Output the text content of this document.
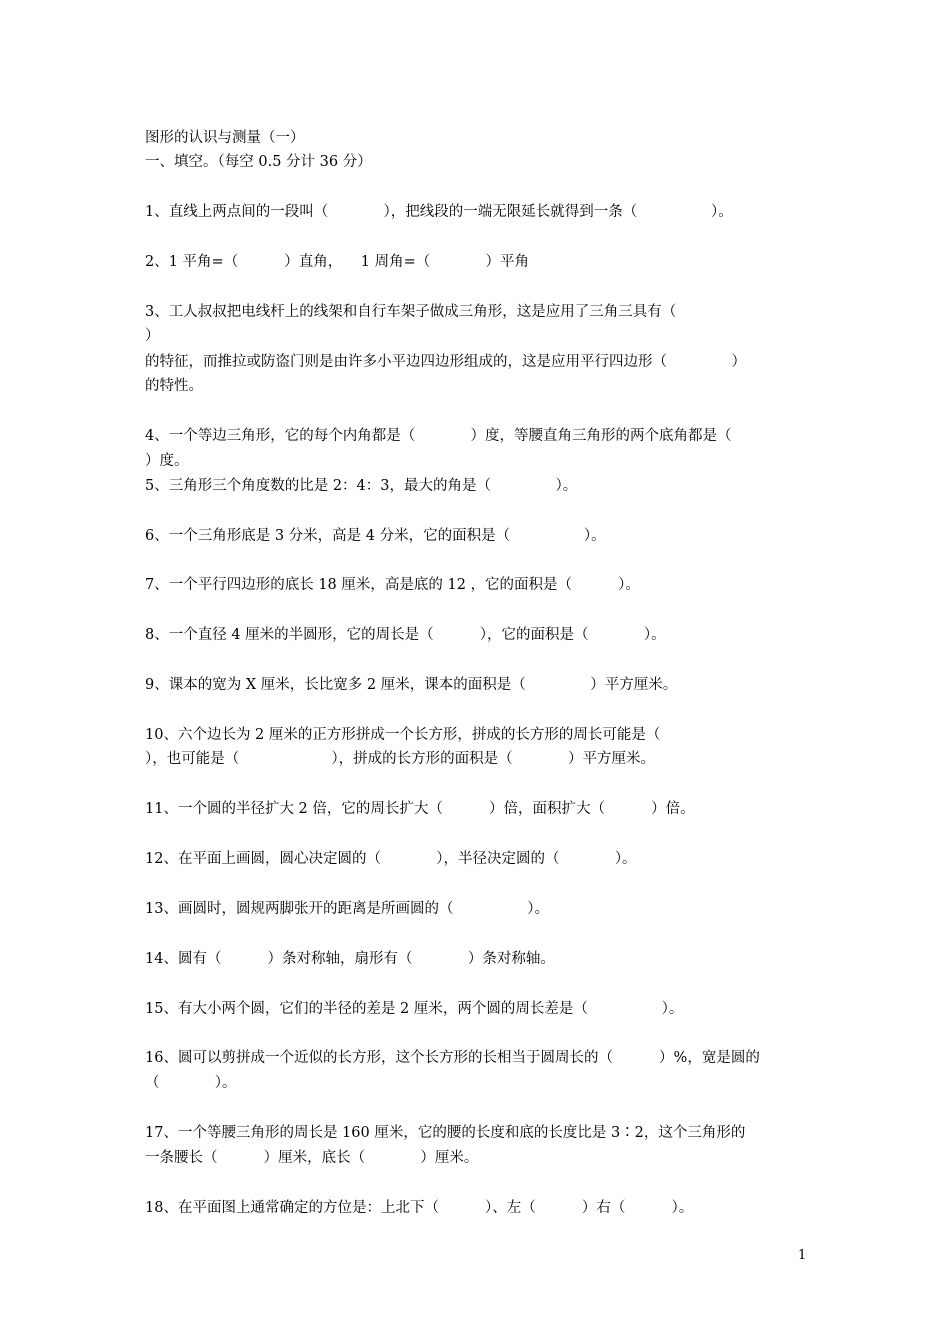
图形的认识与测量（一）
一、填空。（每空 0.5 分计 36 分）
1、直线上两点间的一段叫（            ），把线段的一端无限延长就得到一条（                ）。
2、1 平角=（          ）直角，    1 周角=（            ）平角
3、工人叔叔把电线杆上的线架和自行车架子做成三角形，这是应用了三角三具有（
）
的特征，而推拉或防盗门则是由许多小平边四边形组成的，这是应用平行四边形（              ）
的特性。
4、一个等边三角形，它的每个内角都是（            ）度，等腰直角三角形的两个底角都是（
）度。
5、三角形三个角度数的比是 2：4：3，最大的角是（              ）。
6、一个三角形底是 3 分米，高是 4 分米，它的面积是（                ）。
7、一个平行四边形的底长 18 厘米，高是底的 12 ，它的面积是（          ）。
8、一个直径 4 厘米的半圆形，它的周长是（          ），它的面积是（            ）。
9、课本的宽为 X 厘米，长比宽多 2 厘米，课本的面积是（              ）平方厘米。
10、六个边长为 2 厘米的正方形拼成一个长方形，拼成的长方形的周长可能是（
），也可能是（                    ），拼成的长方形的面积是（            ）平方厘米。
11、一个圆的半径扩大 2 倍，它的周长扩大（          ）倍，面积扩大（          ）倍。
12、在平面上画圆，圆心决定圆的（            ），半径决定圆的（            ）。
13、画圆时，圆规两脚张开的距离是所画圆的（                ）。
14、圆有（          ）条对称轴，扇形有（            ）条对称轴。
15、有大小两个圆，它们的半径的差是 2 厘米，两个圆的周长差是（                ）。
16、圆可以剪拼成一个近似的长方形，这个长方形的长相当于圆周长的（          ）%，宽是圆的
（            ）。
17、一个等腰三角形的周长是 160 厘米，它的腰的长度和底的长度比是 3∶2，这个三角形的
一条腰长（          ）厘米，底长（            ）厘米。
18、在平面图上通常确定的方位是：上北下（          ）、左（          ）右（          ）。
1
